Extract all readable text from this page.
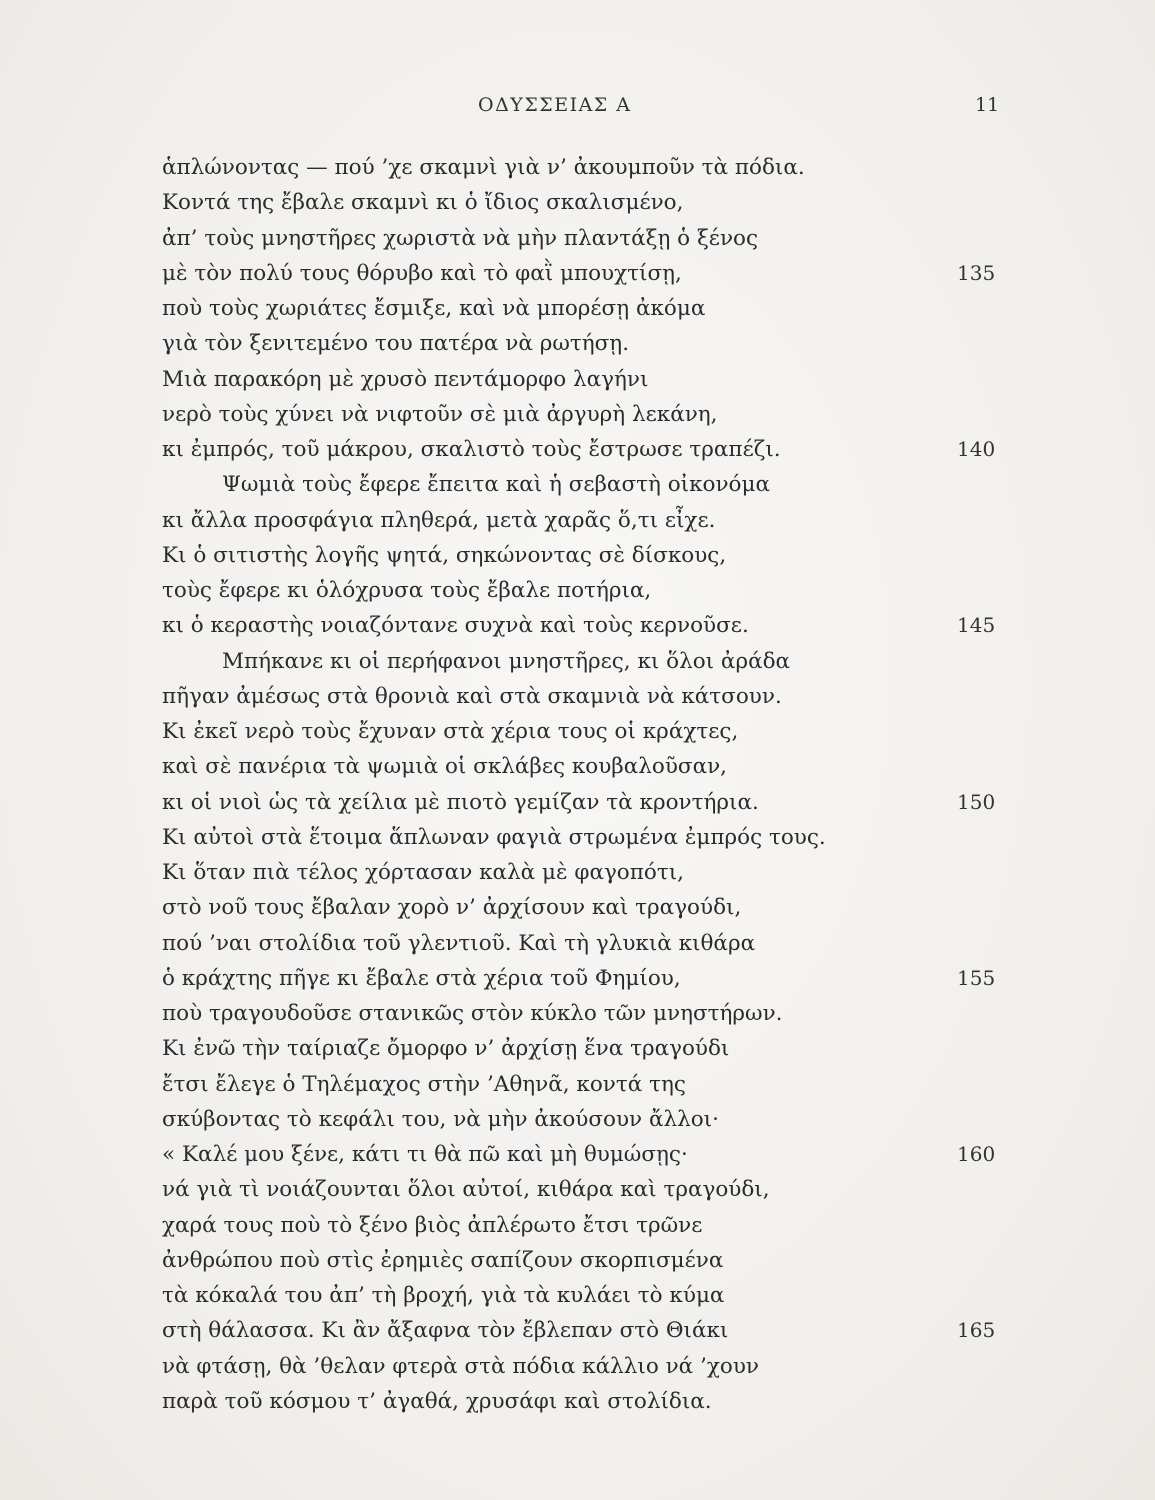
ΟΔΥΣΣΕΙΑΣ Α	11
ἁπλώνοντας — πού ’χε σκαμνὶ γιὰ ν’ ἀκουμποῦν τὰ πόδια.
Κοντά της ἔβαλε σκαμνὶ κι ὁ ἴδιος σκαλισμένο,
ἀπ’ τοὺς μνηστῆρες χωριστὰ νὰ μὴν πλαντάξῃ ὁ ξένος
μὲ τὸν πολύ τους θόρυβο καὶ τὸ φαῒ μπουχτίσῃ,	135
ποὺ τοὺς χωριάτες ἔσμιξε, καὶ νὰ μπορέσῃ ἀκόμα
γιὰ τὸν ξενιτεμένο του πατέρα νὰ ρωτήσῃ.
Μιὰ παρακόρη μὲ χρυσὸ πεντάμορφο λαγήνι
νερὸ τοὺς χύνει νὰ νιφτοῦν σὲ μιὰ ἀργυρὴ λεκάνη,
κι ἐμπρός, τοῦ μάκρου, σκαλιστὸ τοὺς ἔστρωσε τραπέζι.	140
Ψωμιὰ τοὺς ἔφερε ἔπειτα καὶ ἡ σεβαστὴ οἰκονόμα
κι ἄλλα προσφάγια πληθερά, μετὰ χαρᾶς ὅ,τι εἶχε.
Κι ὁ σιτιστὴς λογῆς ψητά, σηκώνοντας σὲ δίσκους,
τοὺς ἔφερε κι ὁλόχρυσα τοὺς ἔβαλε ποτήρια,
κι ὁ κεραστὴς νοιαζόντανε συχνὰ καὶ τοὺς κερνοῦσε.	145
Μπήκανε κι οἱ περήφανοι μνηστῆρες, κι ὅλοι ἀράδα
πῆγαν ἀμέσως στὰ θρονιὰ καὶ στὰ σκαμνιὰ νὰ κάτσουν.
Κι ἐκεῖ νερὸ τοὺς ἔχυναν στὰ χέρια τους οἱ κράχτες,
καὶ σὲ πανέρια τὰ ψωμιὰ οἱ σκλάβες κουβαλοῦσαν,
κι οἱ νιοὶ ὡς τὰ χείλια μὲ πιοτὸ γεμίζαν τὰ κροντήρια.	150
Κι αὐτοὶ στὰ ἕτοιμα ἅπλωναν φαγιὰ στρωμένα ἐμπρός τους.
Κι ὅταν πιὰ τέλος χόρτασαν καλὰ μὲ φαγοπότι,
στὸ νοῦ τους ἔβαλαν χορὸ ν’ ἀρχίσουν καὶ τραγούδι,
πού ’ναι στολίδια τοῦ γλεντιοῦ. Καὶ τὴ γλυκιὰ κιθάρα
ὁ κράχτης πῆγε κι ἔβαλε στὰ χέρια τοῦ Φημίου,	155
ποὺ τραγουδοῦσε στανικῶς στὸν κύκλο τῶν μνηστήρων.
Κι ἐνῶ τὴν ταίριαζε ὄμορφο ν’ ἀρχίσῃ ἕνα τραγούδι
ἔτσι ἔλεγε ὁ Τηλέμαχος στὴν ’Αθηνᾶ, κοντά της
σκύβοντας τὸ κεφάλι του, νὰ μὴν ἀκούσουν ἄλλοι·
« Καλέ μου ξένε, κάτι τι θὰ πῶ καὶ μὴ θυμώσῃς·	160
νά γιὰ τὶ νοιάζουνται ὅλοι αὐτοί, κιθάρα καὶ τραγούδι,
χαρά τους ποὺ τὸ ξένο βιὸς ἀπλέρωτο ἔτσι τρῶνε
ἀνθρώπου ποὺ στὶς ἐρημιὲς σαπίζουν σκορπισμένα
τὰ κόκαλά του ἀπ’ τὴ βροχή, γιὰ τὰ κυλάει τὸ κύμα
στὴ θάλασσα. Κι ἂν ἄξαφνα τὸν ἔβλεπαν στὸ Θιάκι	165
νὰ φτάσῃ, θὰ ’θελαν φτερὰ στὰ πόδια κάλλιο νά ’χουν
παρὰ τοῦ κόσμου τ’ ἀγαθά, χρυσάφι καὶ στολίδια.
